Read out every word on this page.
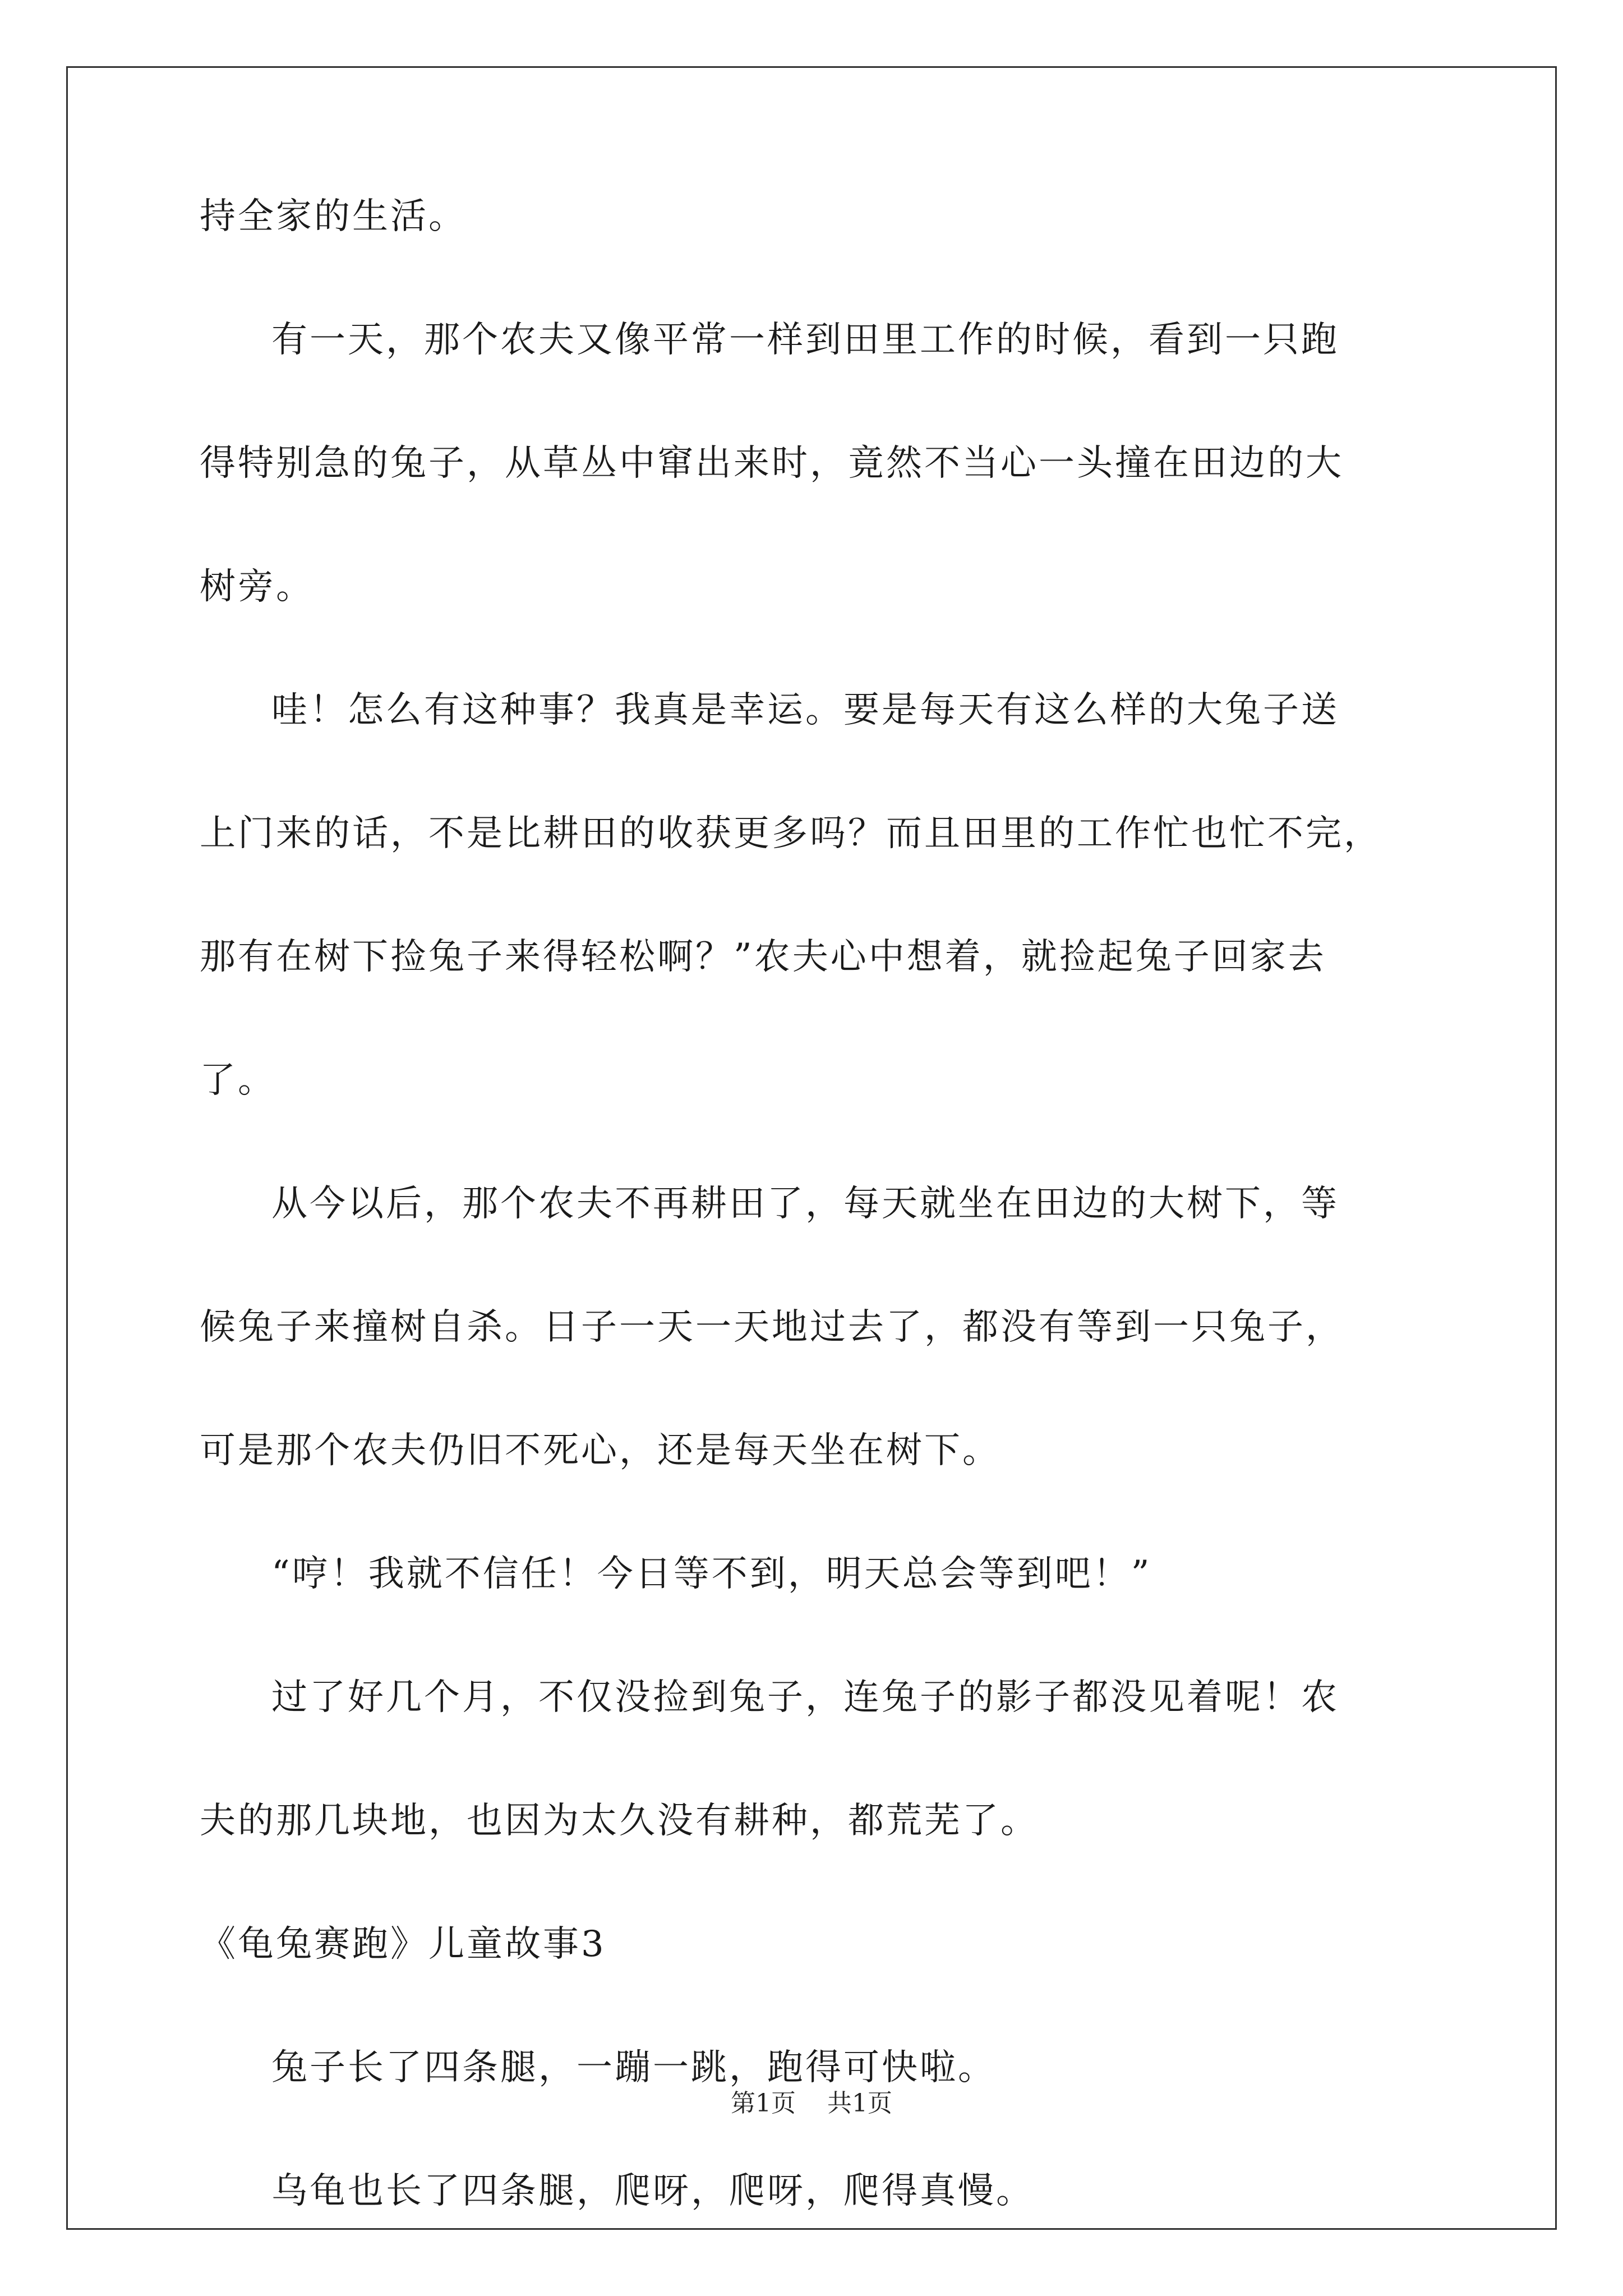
持全家的生活。
有一天，那个农夫又像平常一样到田里工作的时候，看到一只跑
得特别急的兔子，从草丛中窜出来时，竟然不当心一头撞在田边的大
树旁。
哇！怎么有这种事？我真是幸运。要是每天有这么样的大兔子送
上门来的话，不是比耕田的收获更多吗？而且田里的工作忙也忙不完，
那有在树下捡兔子来得轻松啊？”农夫心中想着，就捡起兔子回家去
了。
从今以后，那个农夫不再耕田了，每天就坐在田边的大树下，等
候兔子来撞树自杀。日子一天一天地过去了，都没有等到一只兔子，
可是那个农夫仍旧不死心，还是每天坐在树下。
“哼！我就不信任！今日等不到，明天总会等到吧！”
过了好几个月，不仅没捡到兔子，连兔子的影子都没见着呢！农
夫的那几块地，也因为太久没有耕种，都荒芜了。
《龟兔赛跑》儿童故事3
兔子长了四条腿，一蹦一跳，跑得可快啦。
乌龟也长了四条腿，爬呀，爬呀，爬得真慢。
第1页 共1页
